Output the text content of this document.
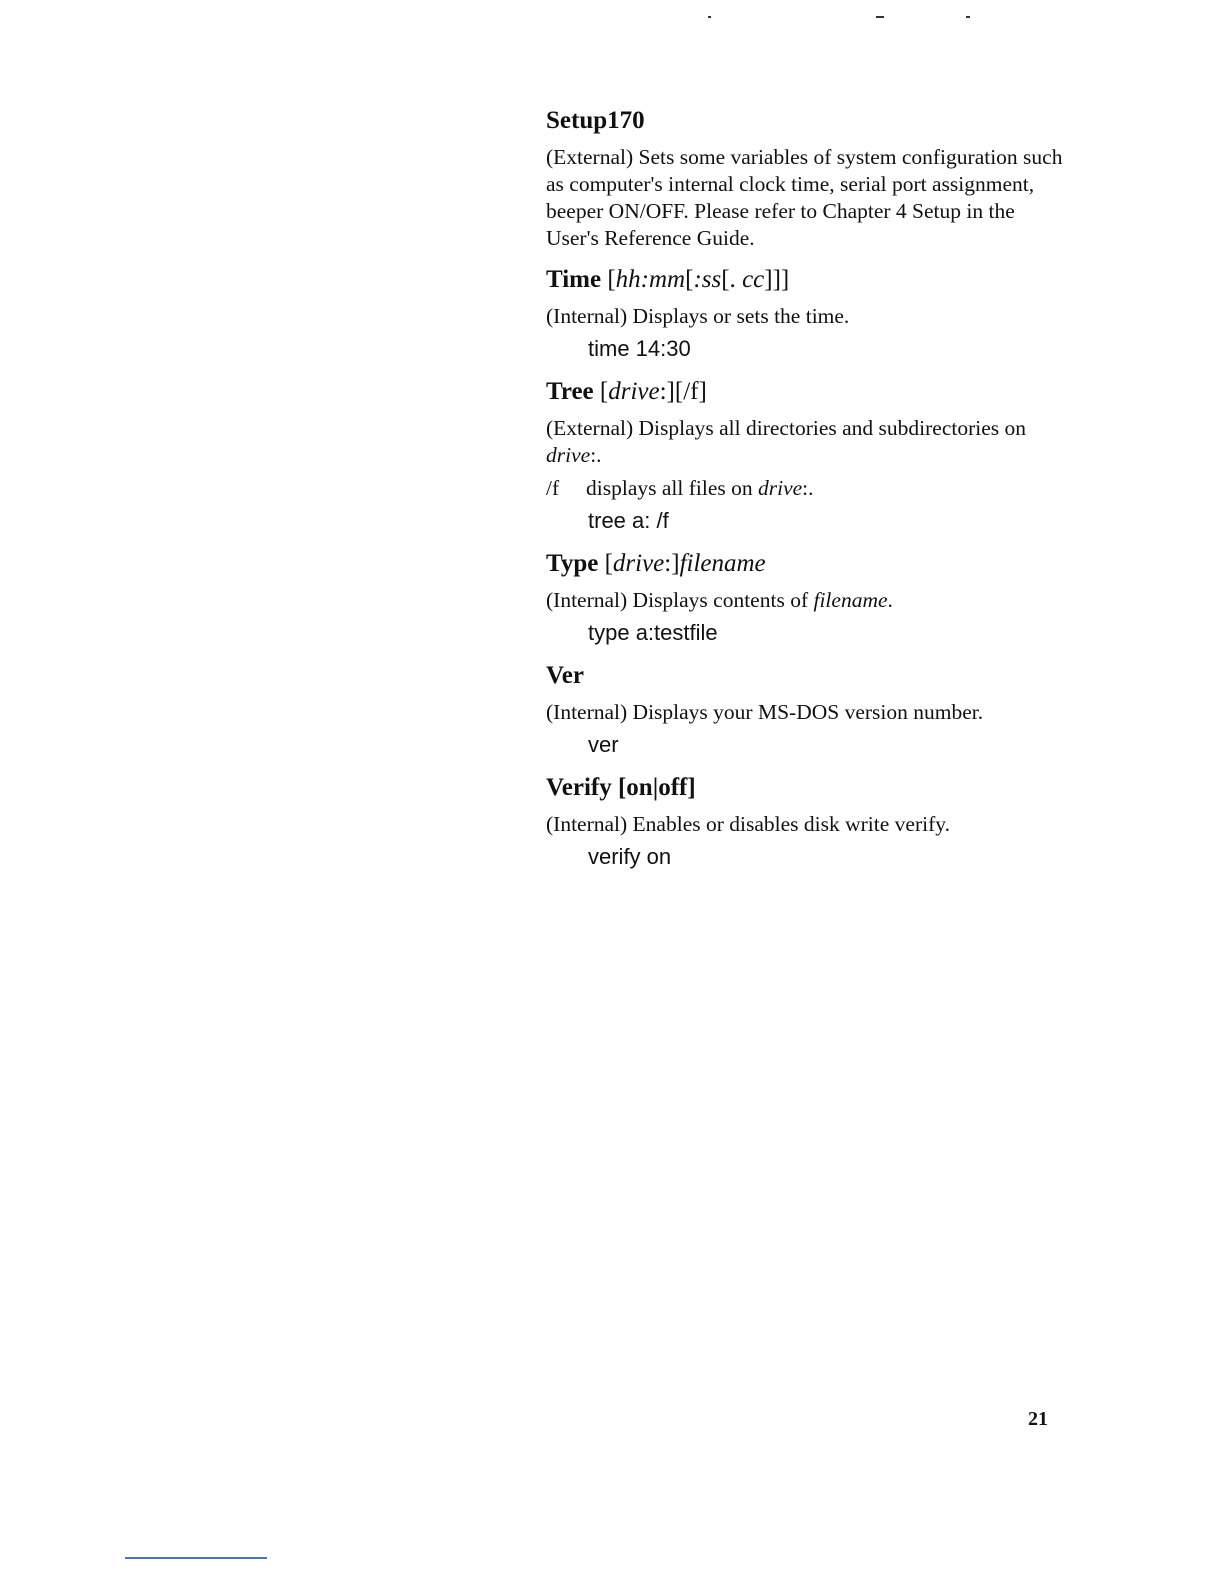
Setup170

(External) Sets some variables of system configuration such as computer's internal clock time, serial port assignment, beeper ON/OFF. Please refer to Chapter 4 Setup in the User's Reference Guide.

Time [hh:mm[:ss[. cc]]]

(Internal) Displays or sets the time.

time 14:30
Tree [drive:][/f]

(External) Displays all directories and subdirectories on drive:.

/f displays all files on drive:.

tree a: /f
Type [drive:]filename

(Internal) Displays contents of filename.

type a:testfile
Ver

(Internal) Displays your MS-DOS version number.

ver
Verify [on|off]

(Internal) Enables or disables disk write verify.

verify on
21
